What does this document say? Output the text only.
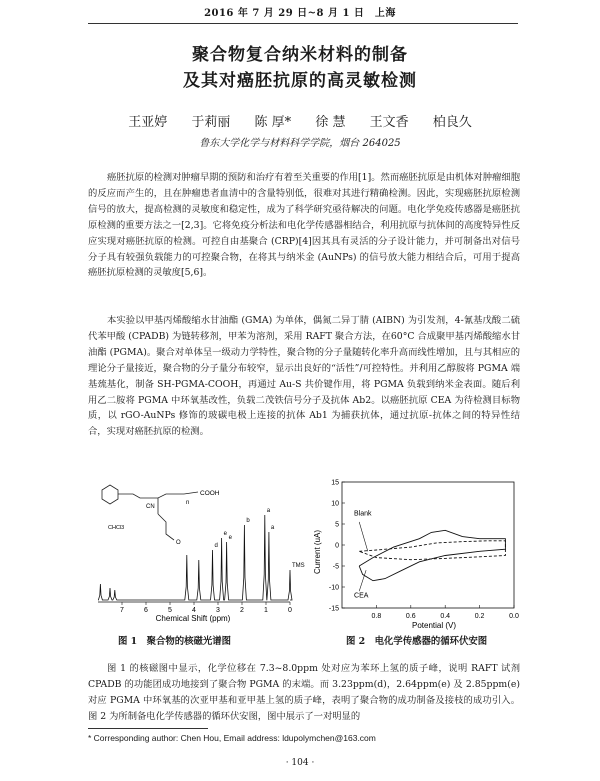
2016 年 7 月 29 日~8 月 1 日　上海
聚合物复合纳米材料的制备
及其对癌胚抗原的高灵敏检测
王亚婷 于莉丽 陈 厚* 徐 慧 王文香 柏良久
鲁东大学化学与材料科学学院，烟台 264025

癌胚抗原的检测对肿瘤早期的预防和治疗有着至关重要的作用[1]。然而癌胚抗原是由机体对肿瘤细胞的反应而产生的，且在肿瘤患者血清中的含量特别低，很难对其进行精确检测。因此，实现癌胚抗原检测信号的放大，提高检测的灵敏度和稳定性，成为了科学研究亟待解决的问题。电化学免疫传感器是癌胚抗原检测的重要方法之一[2,3]。它将免疫分析法和电化学传感器相结合，利用抗原与抗体间的高度特异性反应实现对癌胚抗原的检测。可控自由基聚合 (CRP)[4]因其具有灵活的分子设计能力，并可制备出对信号分子具有较强负载能力的可控聚合物，在将其与纳米金 (AuNPs) 的信号放大能力相结合后，可用于提高癌胚抗原检测的灵敏度[5,6]。

本实验以甲基丙烯酸缩水甘油酯 (GMA) 为单体，偶氮二异丁腈 (AIBN) 为引发剂，4-氰基戊酸二硫代苯甲酸 (CPADB) 为链转移剂，甲苯为溶剂，采用 RAFT 聚合方法，在60°C 合成聚甲基丙烯酸缩水甘油酯 (PGMA)。聚合对单体呈一级动力学特性，聚合物的分子量随转化率升高而线性增加，且与其相应的理论分子量接近，聚合物的分子量分布较窄，显示出良好的“活性”/可控特性。并利用乙醇胺将 PGMA 端基巯基化，制备 SH-PGMA-COOH，再通过 Au-S 共价键作用，将 PGMA 负载到纳米金表面。随后利用乙二胺将 PGMA 中环氧基改性，负载二茂铁信号分子及抗体 Ab2。以癌胚抗原 CEA 为待检测目标物质，以 rGO-AuNPs 修饰的玻碳电极上连接的抗体 Ab1 为捕获抗体，通过抗原-抗体之间的特异性结合，实现对癌胚抗原的检测。

COOH
CN
n
O
CHCl3
d
e
e
b
a
a
TMS
7	6	5	4	3	2	1	0
Chemical Shift (ppm)
-15
-10
-5
0
5
10
15
0.8	0.6	0.4	0.2	0.0
Blank
CEA
Current (uA)
Potential (V)
图 1　 聚合物的核磁光谱图	图 2　 电化学传感器的循环伏安图

图 1 的核磁图中显示，化学位移在 7.3~8.0ppm 处对应为苯环上氢的质子峰，说明 RAFT 试剂 CPADB 的功能团成功地接到了聚合物 PGMA 的末端。而 3.23ppm(d)，2.64ppm(e) 及 2.85ppm(e) 对应 PGMA 中环氧基的次亚甲基和亚甲基上氢的质子峰，表明了聚合物的成功制备及接枝的成功引入。图 2 为所制备电化学传感器的循环伏安图，图中展示了一对明显的

* Corresponding author: Chen Hou, Email address: ldupolymchen@163.com
· 104 ·
